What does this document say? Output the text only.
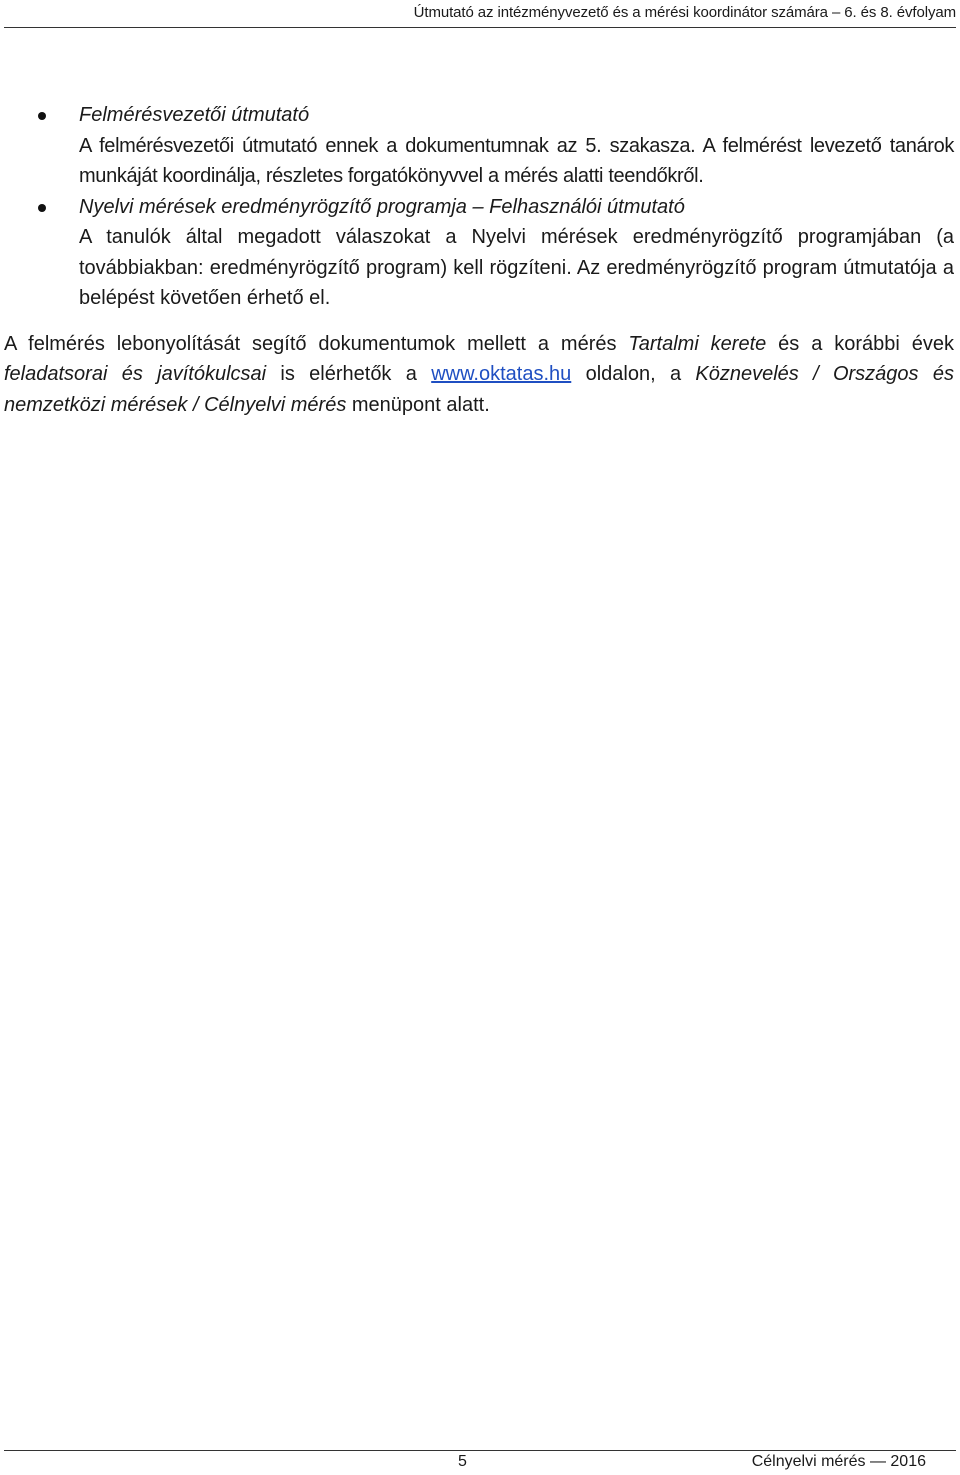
Útmutató az intézményvezető és a mérési koordinátor számára – 6. és 8. évfolyam
Felmérésvezetői útmutató
A felmérésvezetői útmutató ennek a dokumentumnak az 5. szakasza. A felmérést levezető tanárok munkáját koordinálja, részletes forgatókönyvvel a mérés alatti teendőkről.
Nyelvi mérések eredményrögzítő programja – Felhasználói útmutató
A tanulók által megadott válaszokat a Nyelvi mérések eredményrögzítő programjában (a továbbiakban: eredményrögzítő program) kell rögzíteni. Az eredményrögzítő program útmutatója a belépést követően érhető el.

A felmérés lebonyolítását segítő dokumentumok mellett a mérés Tartalmi kerete és a korábbi évek feladatsorai és javítókulcsai is elérhetők a www.oktatas.hu oldalon, a Köznevelés / Országos és nemzetközi mérések / Célnyelvi mérés menüpont alatt.

5	Célnyelvi mérés — 2016
